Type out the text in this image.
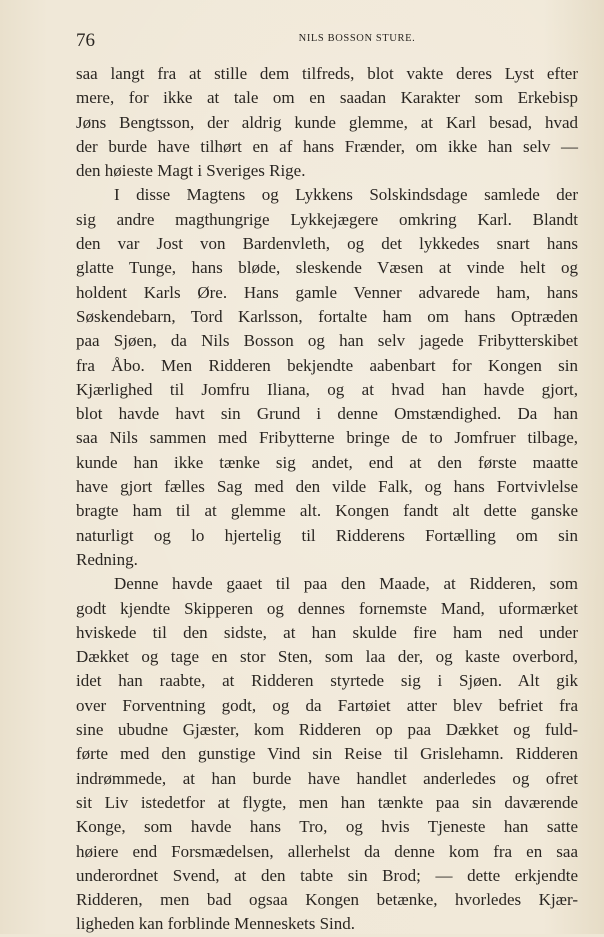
76	NILS BOSSON STURE.
saa langt fra at stille dem tilfreds, blot vakte deres Lyst efter
mere, for ikke at tale om en saadan Karakter som Erkebisp
Jøns Bengtsson, der aldrig kunde glemme, at Karl besad, hvad
der burde have tilhørt en af hans Frænder, om ikke han selv —
den høieste Magt i Sveriges Rige.
I disse Magtens og Lykkens Solskindsdage samlede der
sig andre magthungrige Lykkejægere omkring Karl. Blandt
den var Jost von Bardenvleth, og det lykkedes snart hans
glatte Tunge, hans bløde, sleskende Væsen at vinde helt og
holdent Karls Øre. Hans gamle Venner advarede ham, hans
Søskendebarn, Tord Karlsson, fortalte ham om hans Optræden
paa Sjøen, da Nils Bosson og han selv jagede Fribytterskibet
fra Åbo. Men Ridderen bekjendte aabenbart for Kongen sin
Kjærlighed til Jomfru Iliana, og at hvad han havde gjort,
blot havde havt sin Grund i denne Omstændighed. Da han
saa Nils sammen med Fribytterne bringe de to Jomfruer tilbage,
kunde han ikke tænke sig andet, end at den første maatte
have gjort fælles Sag med den vilde Falk, og hans Fortvivlelse
bragte ham til at glemme alt. Kongen fandt alt dette ganske
naturligt og lo hjertelig til Ridderens Fortælling om sin
Redning.
Denne havde gaaet til paa den Maade, at Ridderen, som
godt kjendte Skipperen og dennes fornemste Mand, uformærket
hviskede til den sidste, at han skulde fire ham ned under
Dækket og tage en stor Sten, som laa der, og kaste overbord,
idet han raabte, at Ridderen styrtede sig i Sjøen. Alt gik
over Forventning godt, og da Fartøiet atter blev befriet fra
sine ubudne Gjæster, kom Ridderen op paa Dækket og fuld-
førte med den gunstige Vind sin Reise til Grislehamn. Ridderen
indrømmede, at han burde have handlet anderledes og ofret
sit Liv istedetfor at flygte, men han tænkte paa sin daværende
Konge, som havde hans Tro, og hvis Tjeneste han satte
høiere end Forsmædelsen, allerhelst da denne kom fra en saa
underordnet Svend, at den tabte sin Brod; — dette erkjendte
Ridderen, men bad ogsaa Kongen betænke, hvorledes Kjær-
ligheden kan forblinde Menneskets Sind.
